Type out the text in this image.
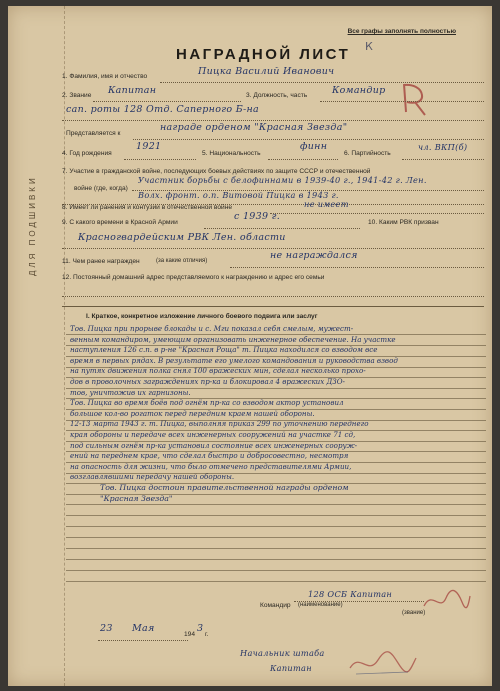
ДЛЯ ПОДШИВКИ
Все графы заполнять полностью
НАГРАДНОЙ ЛИСТ К
1. Фамилия, имя и отчество	Пицка Василий Иванович
2. Звание Капитан	3. Должность, часть	Командир
сап. роты 128 Отд. Саперного Б-на
Представляется к
награде орденом "Красная Звезда"
4. Год рождения
1921
5. Национальность
финн
6. Партийность
чл. ВКП(б)
7. Участие в гражданской войне, последующих боевых действиях по защите СССР и отечественной
войне (где, когда)
Участник борьбы с белофиннами в 1939-40 г., 1941-42 г. Лен.
Волх. фронт. о.п. Витовой Пицка в 1943 г.
8. Имеет ли ранения и контузии в отечественной войне	не имеет
9. С какого времени в Красной Армии
с 1939 г.
10. Каким РВК призван
Красногвардейским РВК Лен. области
11. Чем ранее награжден	(за какие отличия)	не награждался
12. Постоянный домашний адрес представляемого к награждению и адрес его семьи
I. Краткое, конкретное изложение личного боевого подвига или заслуг
Тов. Пицка при прорыве блокады и с. Мги показал себя смелым, мужест-
венным командиром, умеющим организовать инженерное обеспечение. На участке
наступления 126 с.п. в р-не "Красная Роща" т. Пицка находился со взводом все
время в первых рядах. В результате его умелого командования и руководства взвод
на путях движения полка снял 100 вражеских мин, сделал несколько прохо-
дов в проволочных заграждениях пр-ка и блокировал 4 вражеских ДЗО-
тов, уничтожив их гарнизоны.
Тов. Пицка во время боёв под огнём пр-ка со взводом актор установил
большое кол-во рогаток перед передним краем нашей обороны.
12-13 марта 1943 г. т. Пицка, выполняя приказ 299 по уточнению переднего
края обороны и передаче всех инженерных сооружений на участке 71 сд,
под сильным огнём пр-ка установил состояние всех инженерных сооруж-
ений на переднем крае, что сделал быстро и добросовестно, несмотря
на опасность для жизни, что было отмечено представителями Армии,
возглавлявшими передачу нашей обороны.
Тов. Пицка достоин правительственной награды орденом
"Красная Звезда"
128 ОСБ Капитан
Командир (наименование)
(звание)
23 Мая
194
3
г.
Начальник штаба
Капитан
